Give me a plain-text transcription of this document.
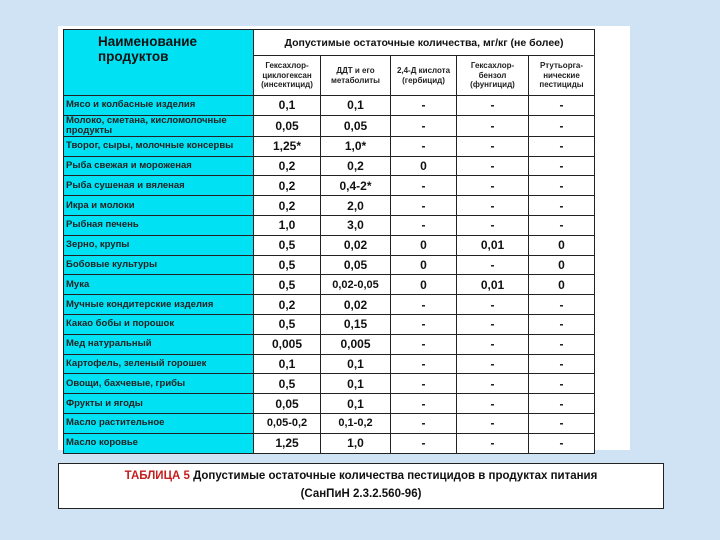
Наименование продуктов	Допустимые остаточные количества, мг/кг (не более)				
	Гексахлор-циклогексан (инсектицид)	ДДТ и его метаболиты	2,4-Д кислота (гербицид)	Гексахлор-бензол (фунгицид)	Ртутьорга-нические пестициды
Мясо и колбасные изделия	0,1	0,1	-	-	-
Молоко, сметана, кисломолочные продукты	0,05	0,05	-	-	-
Творог, сыры, молочные консервы	1,25*	1,0*	-	-	-
Рыба свежая и мороженая	0,2	0,2	0	-	-
Рыба сушеная и вяленая	0,2	0,4-2*	-	-	-
Икра и молоки	0,2	2,0	-	-	-
Рыбная печень	1,0	3,0	-	-	-
Зерно, крупы	0,5	0,02	0	0,01	0
Бобовые культуры	0,5	0,05	0	-	0
Мука	0,5	0,02-0,05	0	0,01	0
Мучные кондитерские изделия	0,2	0,02	-	-	-
Какао бобы и порошок	0,5	0,15	-	-	-
Мед натуральный	0,005	0,005	-	-	-
Картофель, зеленый горошек	0,1	0,1	-	-	-
Овощи, бахчевые, грибы	0,5	0,1	-	-	-
Фрукты и ягоды	0,05	0,1	-	-	-
Масло растительное	0,05-0,2	0,1-0,2	-	-	-
Масло коровье	1,25	1,0	-	-	-
ТАБЛИЦА 5 Допустимые остаточные количества пестицидов в продуктах питания
(СанПиН 2.3.2.560-96)
